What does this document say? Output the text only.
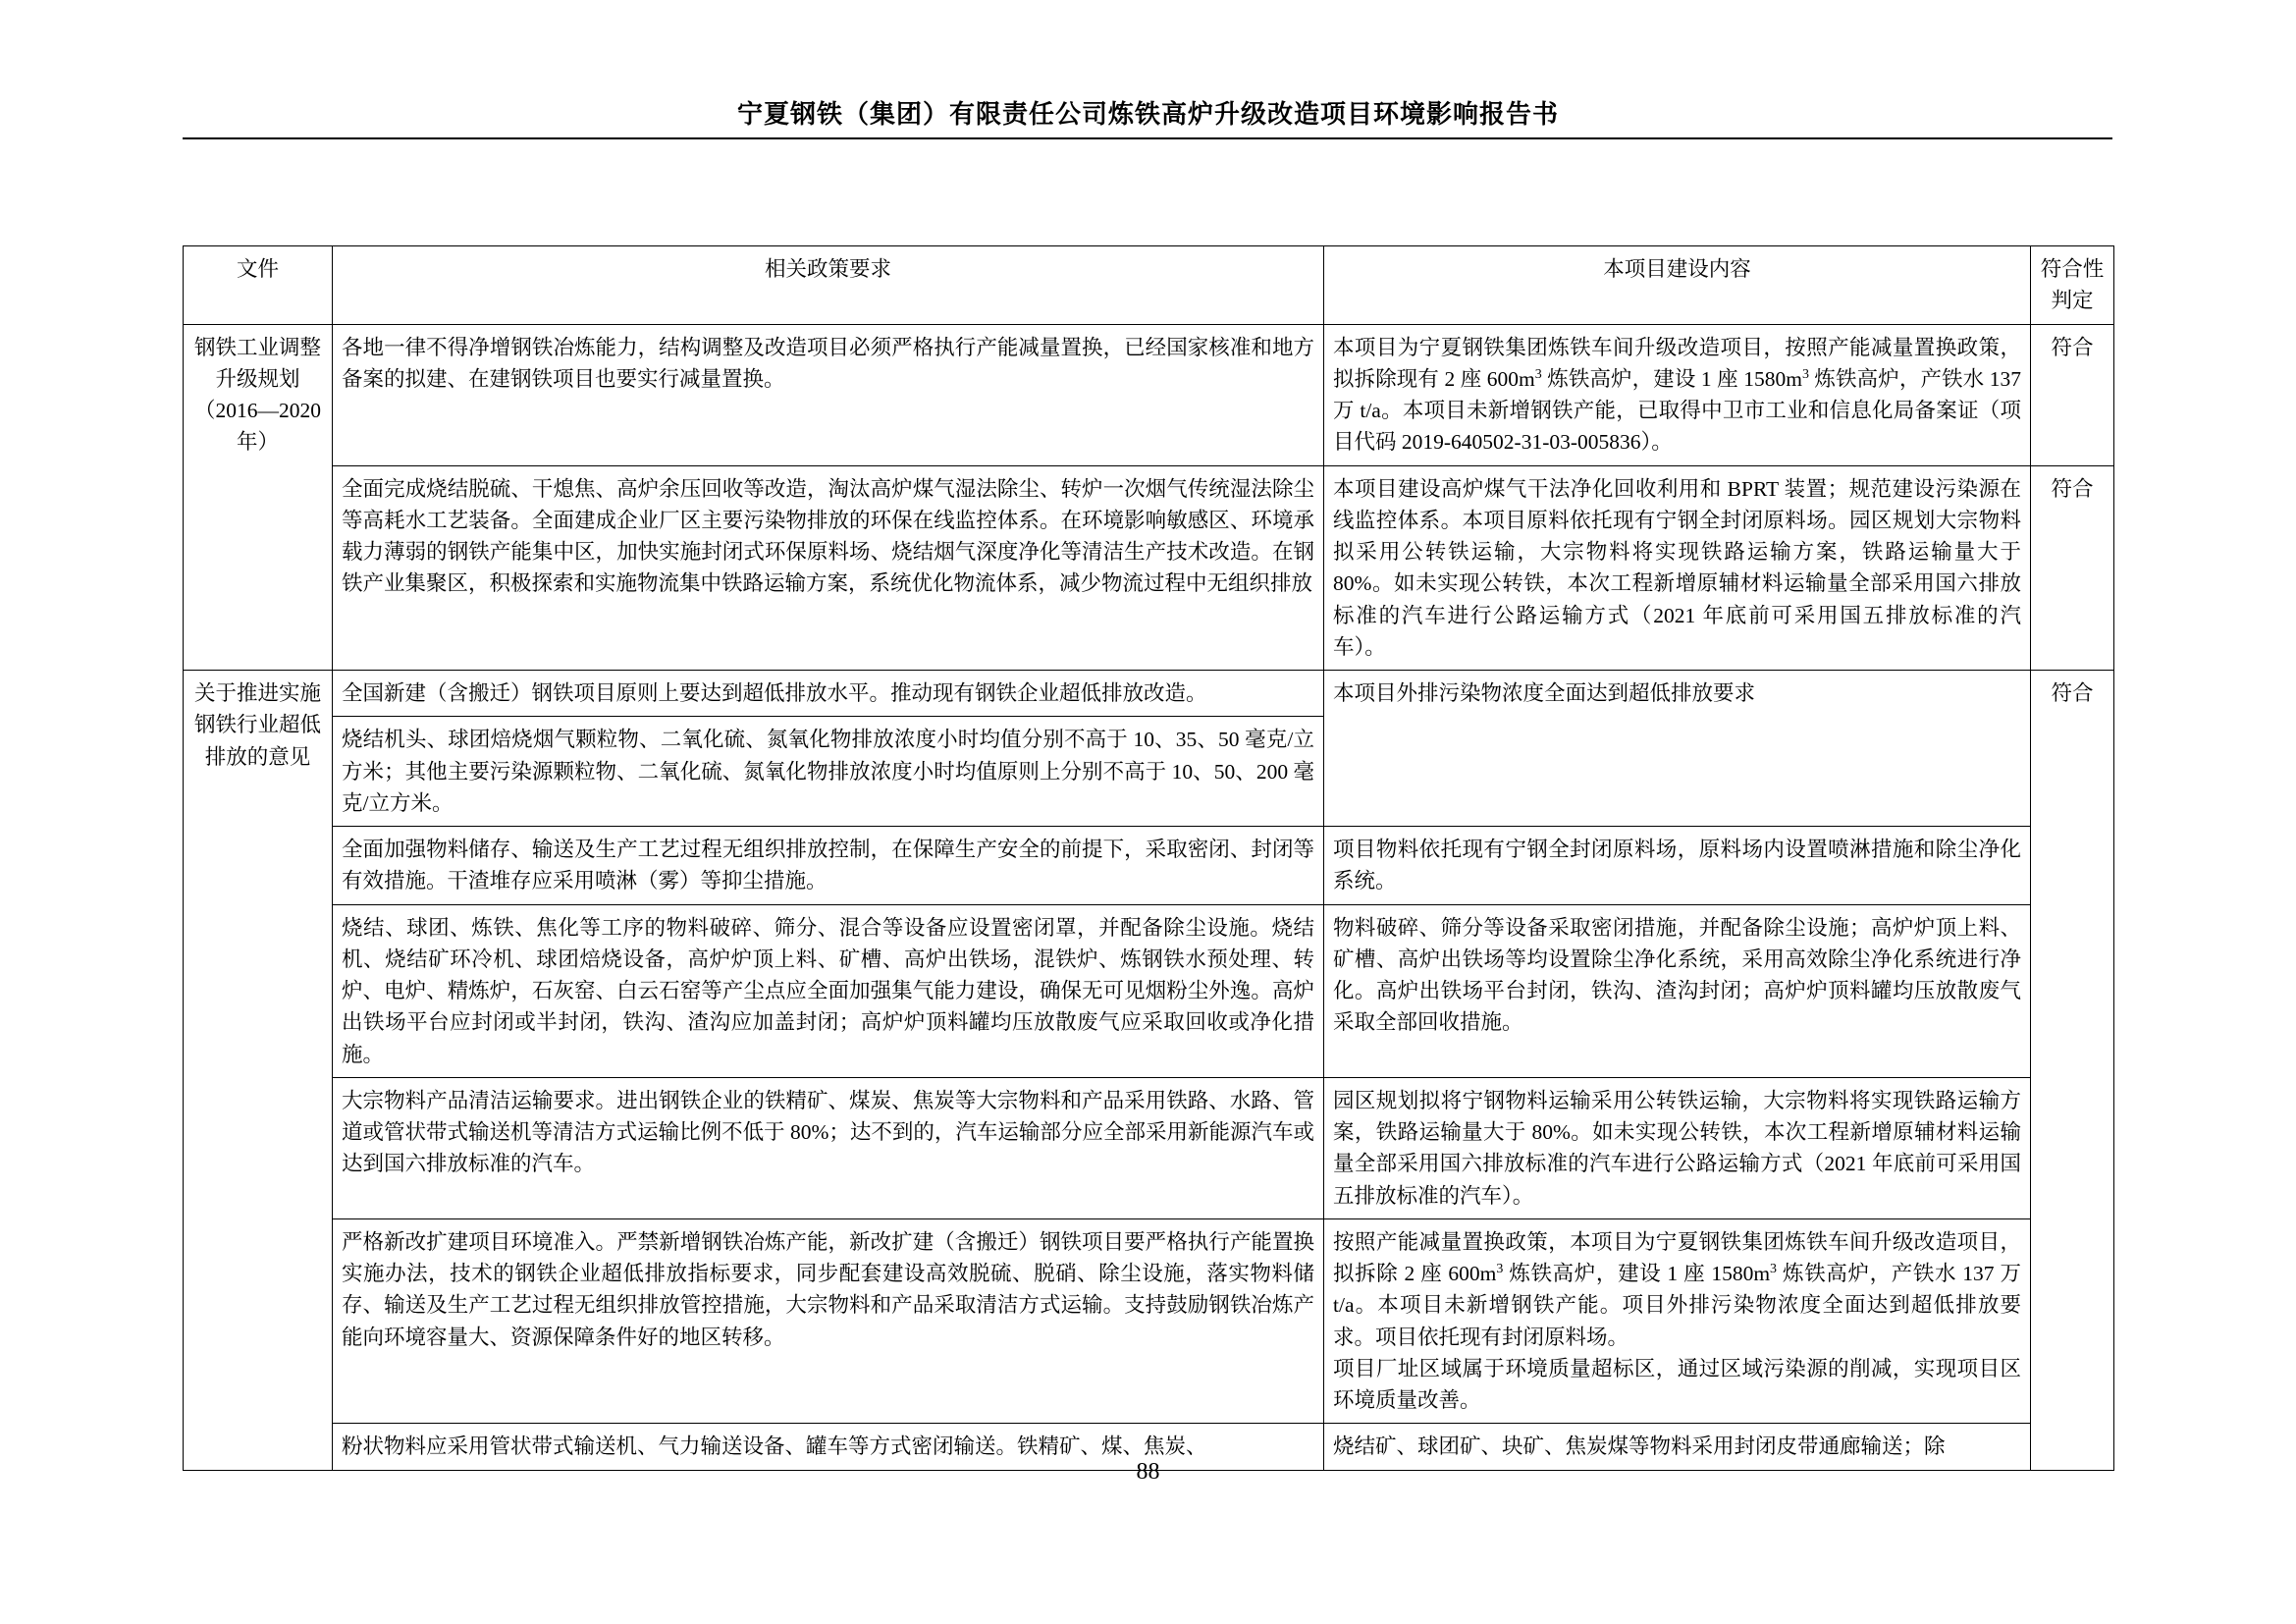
宁夏钢铁（集团）有限责任公司炼铁高炉升级改造项目环境影响报告书
文件	相关政策要求	本项目建设内容	符合性
判定

钢铁工业调整
升级规划
（2016—2020
年）	各地一律不得净增钢铁冶炼能力，结构调整及改造项目必须严格执行产能减量置换，已经国家核准和地方备案的拟建、在建钢铁项目也要实行减量置换。	本项目为宁夏钢铁集团炼铁车间升级改造项目，按照产能减量置换政策，拟拆除现有 2 座 $600m^3$ 炼铁高炉，建设 1 座 $1580m^3$ 炼铁高炉，产铁水 137 万 t/a。本项目未新增钢铁产能，已取得中卫市工业和信息化局备案证（项目代码 2019-640502-31-03-005836）。	符合
	全面完成烧结脱硫、干熄焦、高炉余压回收等改造，淘汰高炉煤气湿法除尘、转炉一次烟气传统湿法除尘等高耗水工艺装备。全面建成企业厂区主要污染物排放的环保在线监控体系。在环境影响敏感区、环境承载力薄弱的钢铁产能集中区，加快实施封闭式环保原料场、烧结烟气深度净化等清洁生产技术改造。在钢铁产业集聚区，积极探索和实施物流集中铁路运输方案，系统优化物流体系，减少物流过程中无组织排放	本项目建设高炉煤气干法净化回收利用和 BPRT 装置；规范建设污染源在线监控体系。本项目原料依托现有宁钢全封闭原料场。园区规划大宗物料拟采用公转铁运输，大宗物料将实现铁路运输方案，铁路运输量大于 80%。如未实现公转铁，本次工程新增原辅材料运输量全部采用国六排放标准的汽车进行公路运输方式（2021 年底前可采用国五排放标准的汽车）。	符合

关于推进实施
钢铁行业超低
排放的意见	全国新建（含搬迁）钢铁项目原则上要达到超低排放水平。推动现有钢铁企业超低排放改造。	本项目外排污染物浓度全面达到超低排放要求	符合
	烧结机头、球团焙烧烟气颗粒物、二氧化硫、氮氧化物排放浓度小时均值分别不高于 10、35、50 毫克/立方米；其他主要污染源颗粒物、二氧化硫、氮氧化物排放浓度小时均值原则上分别不高于 10、50、200 毫克/立方米。		
	全面加强物料储存、输送及生产工艺过程无组织排放控制，在保障生产安全的前提下，采取密闭、封闭等有效措施。干渣堆存应采用喷淋（雾）等抑尘措施。	项目物料依托现有宁钢全封闭原料场，原料场内设置喷淋措施和除尘净化系统。	
	烧结、球团、炼铁、焦化等工序的物料破碎、筛分、混合等设备应设置密闭罩，并配备除尘设施。烧结机、烧结矿环冷机、球团焙烧设备，高炉炉顶上料、矿槽、高炉出铁场，混铁炉、炼钢铁水预处理、转炉、电炉、精炼炉，石灰窑、白云石窑等产尘点应全面加强集气能力建设，确保无可见烟粉尘外逸。高炉出铁场平台应封闭或半封闭，铁沟、渣沟应加盖封闭；高炉炉顶料罐均压放散废气应采取回收或净化措施。	物料破碎、筛分等设备采取密闭措施，并配备除尘设施；高炉炉顶上料、矿槽、高炉出铁场等均设置除尘净化系统，采用高效除尘净化系统进行净化。高炉出铁场平台封闭，铁沟、渣沟封闭；高炉炉顶料罐均压放散废气采取全部回收措施。	
	大宗物料产品清洁运输要求。进出钢铁企业的铁精矿、煤炭、焦炭等大宗物料和产品采用铁路、水路、管道或管状带式输送机等清洁方式运输比例不低于 80%；达不到的，汽车运输部分应全部采用新能源汽车或达到国六排放标准的汽车。	园区规划拟将宁钢物料运输采用公转铁运输，大宗物料将实现铁路运输方案，铁路运输量大于 80%。如未实现公转铁，本次工程新增原辅材料运输量全部采用国六排放标准的汽车进行公路运输方式（2021 年底前可采用国五排放标准的汽车）。	
	严格新改扩建项目环境准入。严禁新增钢铁冶炼产能，新改扩建（含搬迁）钢铁项目要严格执行产能置换实施办法，技术的钢铁企业超低排放指标要求，同步配套建设高效脱硫、脱硝、除尘设施，落实物料储存、输送及生产工艺过程无组织排放管控措施，大宗物料和产品采取清洁方式运输。支持鼓励钢铁冶炼产能向环境容量大、资源保障条件好的地区转移。	按照产能减量置换政策，本项目为宁夏钢铁集团炼铁车间升级改造项目，拟拆除 2 座 $600m^3$ 炼铁高炉，建设 1 座 $1580m^3$ 炼铁高炉，产铁水 137 万 t/a。本项目未新增钢铁产能。项目外排污染物浓度全面达到超低排放要求。项目依托现有封闭原料场。
项目厂址区域属于环境质量超标区，通过区域污染源的削减，实现项目区环境质量改善。	
	粉状物料应采用管状带式输送机、气力输送设备、罐车等方式密闭输送。铁精矿、煤、焦炭、	烧结矿、球团矿、块矿、焦炭煤等物料采用封闭皮带通廊输送；除	
88
